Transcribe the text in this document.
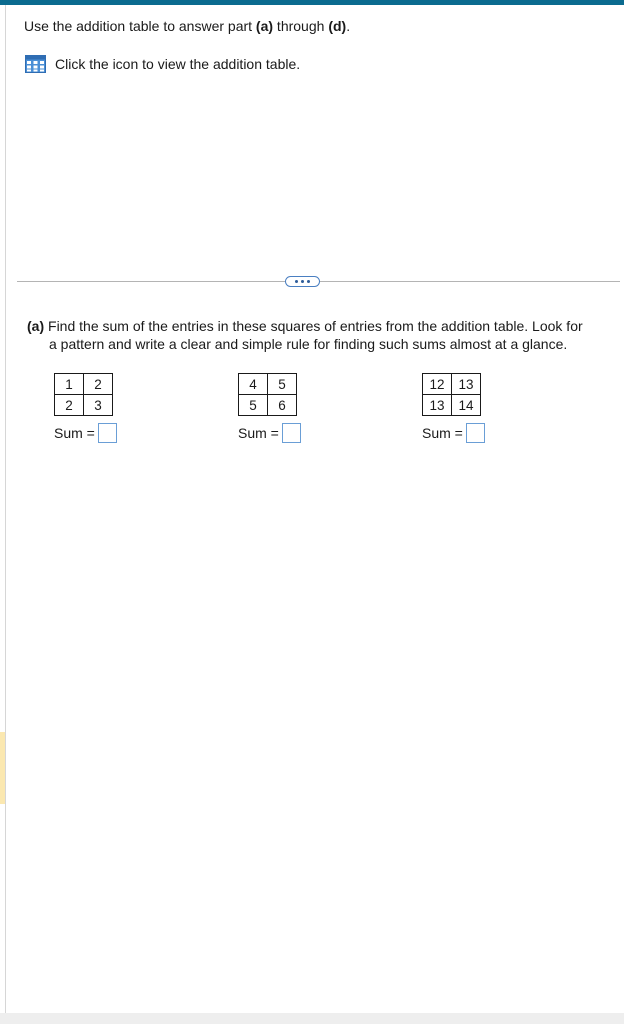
Use the addition table to answer part (a) through (d).
Click the icon to view the addition table.
(a) Find the sum of the entries in these squares of entries from the addition table. Look for
a pattern and write a clear and simple rule for finding such sums almost at a glance.
1	2
2	3
Sum =
4	5
5	6
Sum =
12	13
13	14
Sum =
